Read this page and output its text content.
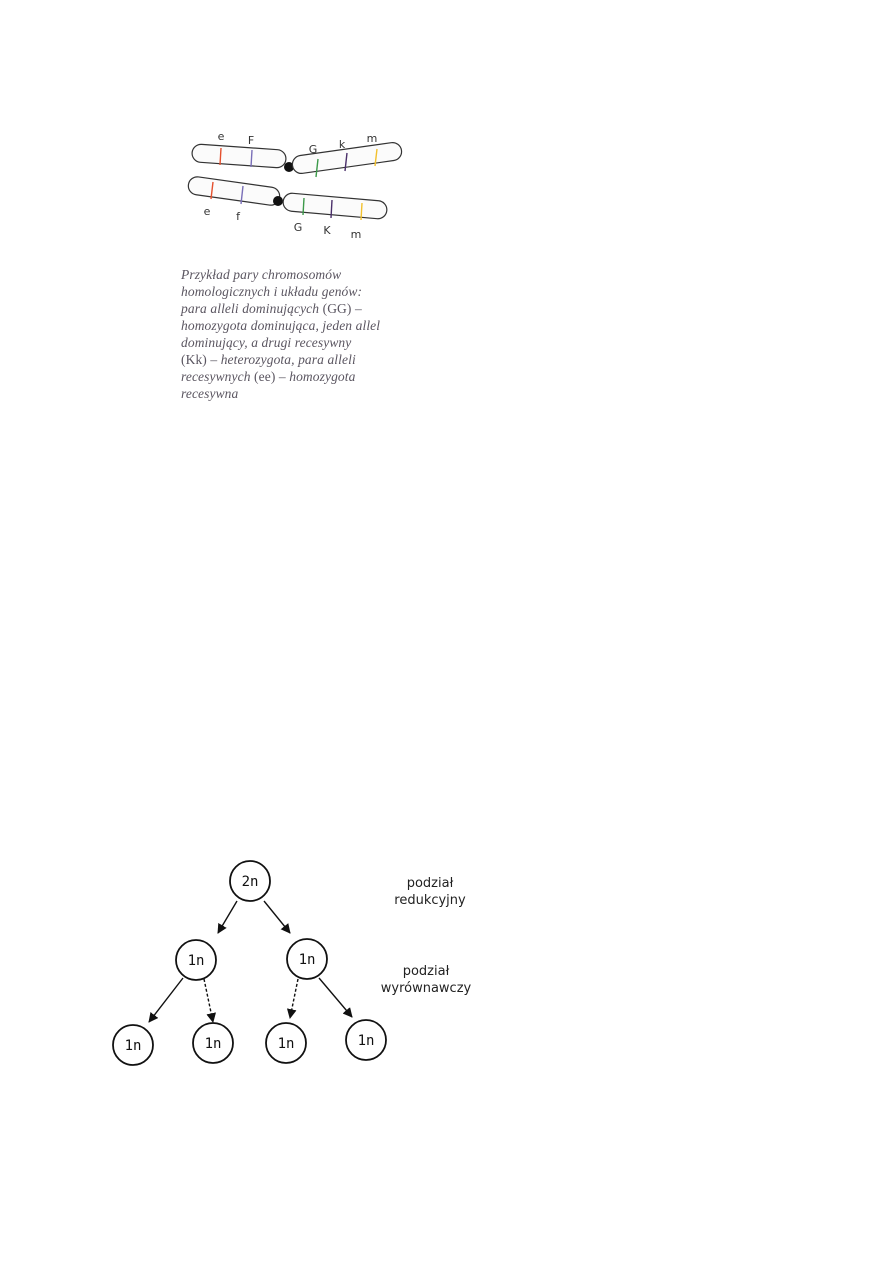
e F
G k m
e f
G K m
Przykład pary chromosomów
homologicznych i układu genów:
para alleli dominujących (GG) –
homozygota dominująca, jeden allel
dominujący, a drugi recesywny
(Kk) – heterozygota, para alleli
recesywnych (ee) – homozygota
recesywna
2n
1n	1n
1n	1n	1n	1n
podział
redukcyjny
podział
wyrównawczy
